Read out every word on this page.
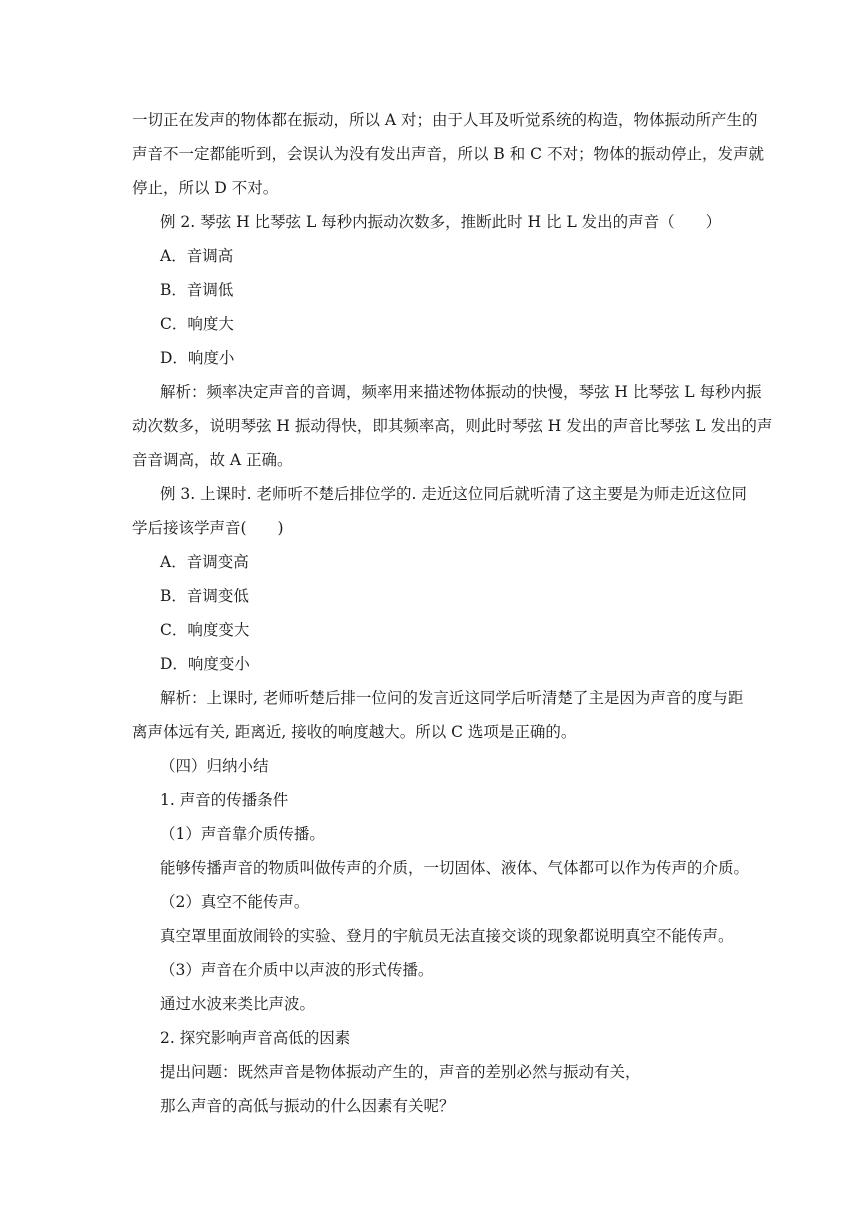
一切正在发声的物体都在振动，所以 A 对；由于人耳及听觉系统的构造，物体振动所产生的
声音不一定都能听到，会误认为没有发出声音，所以 B 和 C 不对；物体的振动停止，发声就
停止，所以 D 不对。
例 2. 琴弦 H 比琴弦 L 每秒内振动次数多，推断此时 H 比 L 发出的声音（　　）
A．音调高
B．音调低
C．响度大
D．响度小
解析：频率决定声音的音调，频率用来描述物体振动的快慢，琴弦 H 比琴弦 L 每秒内振
动次数多，说明琴弦 H 振动得快，即其频率高，则此时琴弦 H 发出的声音比琴弦 L 发出的声
音音调高，故 A 正确。
例 3. 上课时. 老师听不楚后排位学的. 走近这位同后就听清了这主要是为师走近这位同
学后接该学声音(　　)
A．音调变高
B．音调变低
C．响度变大
D．响度变小
解析：上课时, 老师听楚后排一位问的发言近这同学后听清楚了主是因为声音的度与距
离声体远有关, 距离近, 接收的响度越大。所以 C 选项是正确的。
（四）归纳小结
1. 声音的传播条件
（1）声音靠介质传播。
能够传播声音的物质叫做传声的介质，一切固体、液体、气体都可以作为传声的介质。
（2）真空不能传声。
真空罩里面放闹铃的实验、登月的宇航员无法直接交谈的现象都说明真空不能传声。
（3）声音在介质中以声波的形式传播。
通过水波来类比声波。
2. 探究影响声音高低的因素
提出问题：既然声音是物体振动产生的，声音的差别必然与振动有关，
那么声音的高低与振动的什么因素有关呢？
